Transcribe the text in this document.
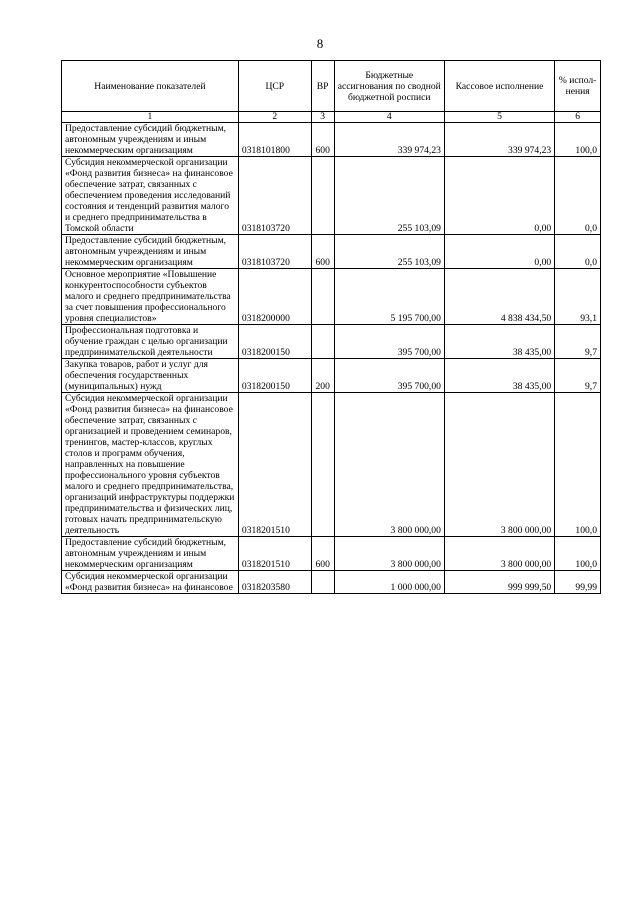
8
Наименование показателей	ЦСР	ВР	Бюджетные ассигнования по сводной бюджетной росписи	Кассовое исполнение	% испол-нения
1	2	3	4	5	6
Предоставление субсидий бюджетным, автономным учреждениям и иным некоммерческим организациям	0318101800	600	339 974,23	339 974,23	100,0
Субсидия некоммерческой организации «Фонд развития бизнеса» на финансовое обеспечение затрат, связанных с обеспечением проведения исследований состояния и тенденций развития малого и среднего предпринимательства в Томской области	0318103720		255 103,09	0,00	0,0
Предоставление субсидий бюджетным, автономным учреждениям и иным некоммерческим организациям	0318103720	600	255 103,09	0,00	0,0
Основное мероприятие «Повышение конкурентоспособности субъектов малого и среднего предпринимательства за счет повышения профессионального уровня специалистов»	0318200000		5 195 700,00	4 838 434,50	93,1
Профессиональная подготовка и обучение граждан с целью организации предпринимательской деятельности	0318200150		395 700,00	38 435,00	9,7
Закупка товаров, работ и услуг для обеспечения государственных (муниципальных) нужд	0318200150	200	395 700,00	38 435,00	9,7
Субсидия некоммерческой организации «Фонд развития бизнеса» на финансовое обеспечение затрат, связанных с организацией и проведением семинаров, тренингов, мастер-классов, круглых столов и программ обучения, направленных на повышение профессионального уровня субъектов малого и среднего предпринимательства, организаций инфраструктуры поддержки предпринимательства и физических лиц, готовых начать предпринимательскую деятельность	0318201510		3 800 000,00	3 800 000,00	100,0
Предоставление субсидий бюджетным, автономным учреждениям и иным некоммерческим организациям	0318201510	600	3 800 000,00	3 800 000,00	100,0
Субсидия некоммерческой организации «Фонд развития бизнеса» на финансовое	0318203580		1 000 000,00	999 999,50	99,99
